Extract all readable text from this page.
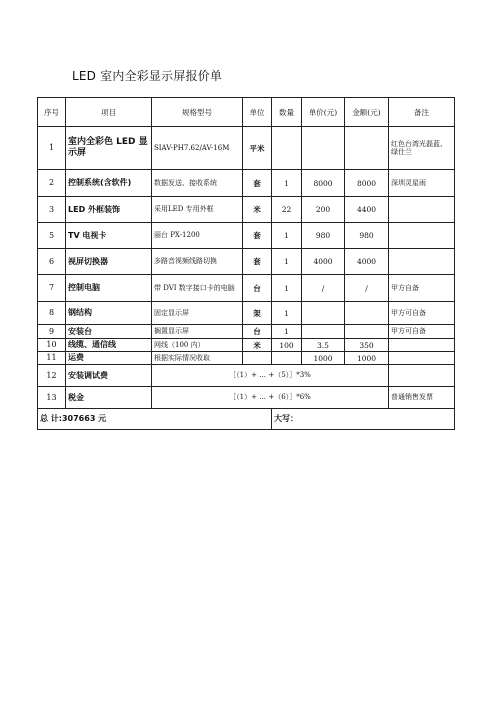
LED 室内全彩显示屏报价单
序号	项目	规格型号	单位	数量	单价(元)	金额(元)	备注
1	室内全彩色 LED 显示屏	SIAV-PH7.62/AV-16M	平米				红色台湾光磊蓝、绿仕兰
2	控制系统(含软件)	数据发送、接收系统	套	1	8000	8000	深圳灵星雨
3	LED 外框装饰	采用LED 专用外框	米	22	200	4400	
5	TV 电视卡	丽台 PX-1200	套	1	980	980	
6	视屏切换器	多路音视频线路切换	套	1	4000	4000	
7	控制电脑	带 DVI 数字接口卡的电脑	台	1	/	/	甲方自备
8	钢结构	固定显示屏	架	1			甲方可自备
9	安装台	搁置显示屏	台	1			甲方可自备
10	线缆、通信线	网线（100 内）	米	100	3.5	350	
11	运费	根据实际情况收取			1000	1000	
12	安装调试费	［（1）+ … +（5）］*3%					
13	税金	［（1）+ … +（6）］*6%					普通销售发票
总 计:307663 元				大写：			
